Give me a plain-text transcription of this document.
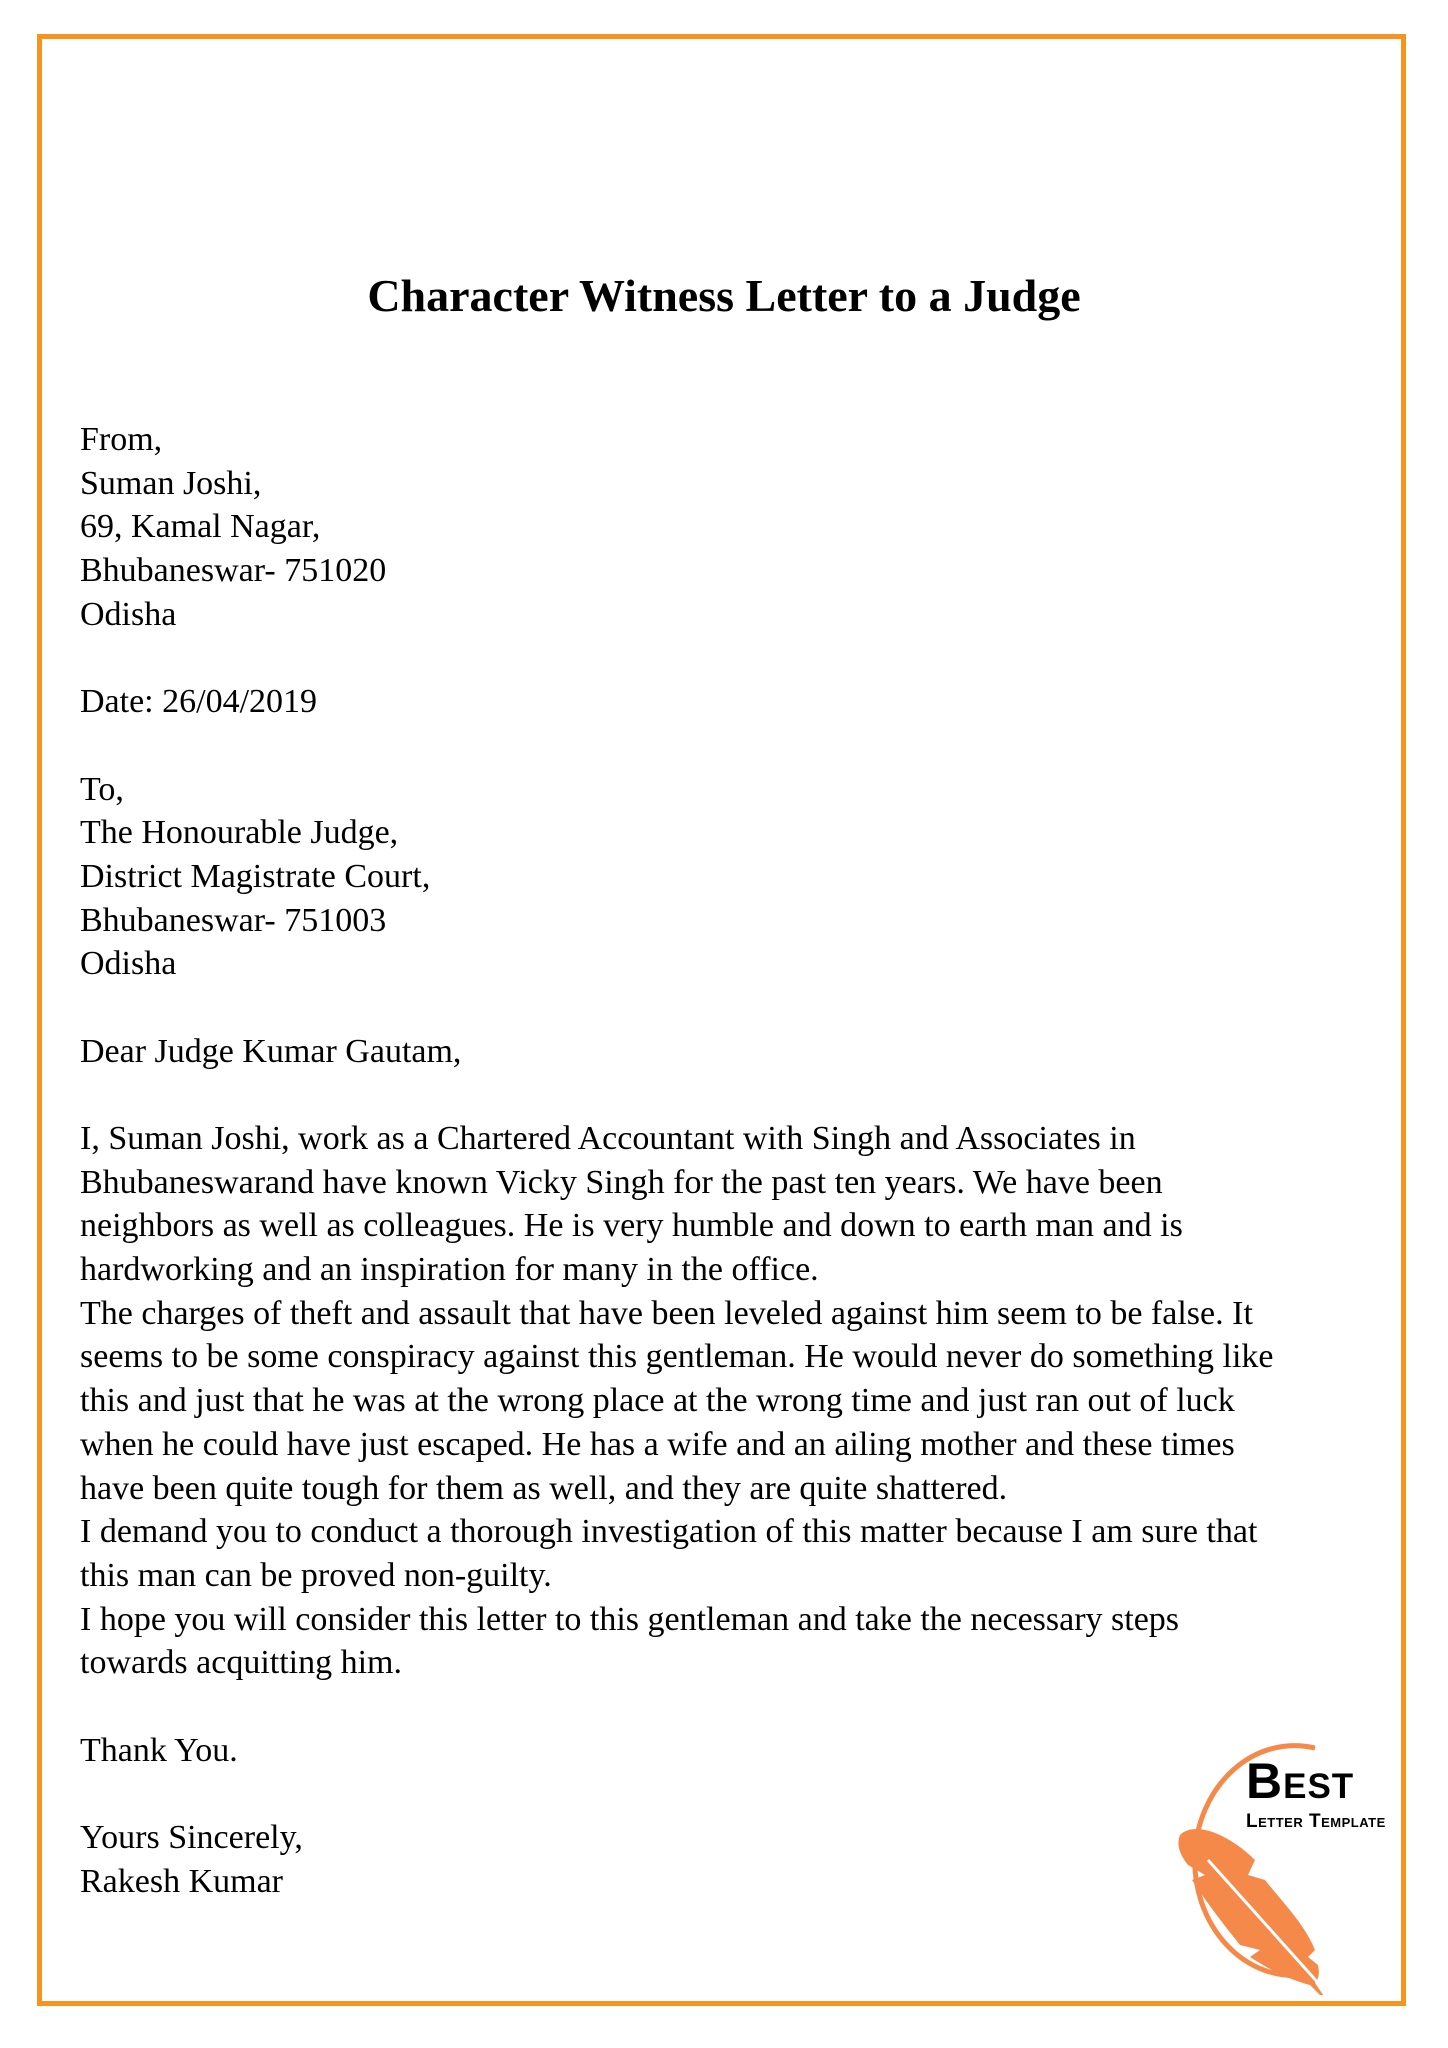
Character Witness Letter to a Judge
From,
Suman Joshi,
69, Kamal Nagar,
Bhubaneswar- 751020
Odisha
Date: 26/04/2019
To,
The Honourable Judge,
District Magistrate Court,
Bhubaneswar- 751003
Odisha
Dear Judge Kumar Gautam,
I, Suman Joshi, work as a Chartered Accountant with Singh and Associates in
Bhubaneswarand have known Vicky Singh for the past ten years. We have been
neighbors as well as colleagues. He is very humble and down to earth man and is
hardworking and an inspiration for many in the office.
The charges of theft and assault that have been leveled against him seem to be false. It
seems to be some conspiracy against this gentleman. He would never do something like
this and just that he was at the wrong place at the wrong time and just ran out of luck
when he could have just escaped. He has a wife and an ailing mother and these times
have been quite tough for them as well, and they are quite shattered.
I demand you to conduct a thorough investigation of this matter because I am sure that
this man can be proved non-guilty.
I hope you will consider this letter to this gentleman and take the necessary steps
towards acquitting him.
Thank You.
Yours Sincerely,
Rakesh Kumar
Best
Letter Template
